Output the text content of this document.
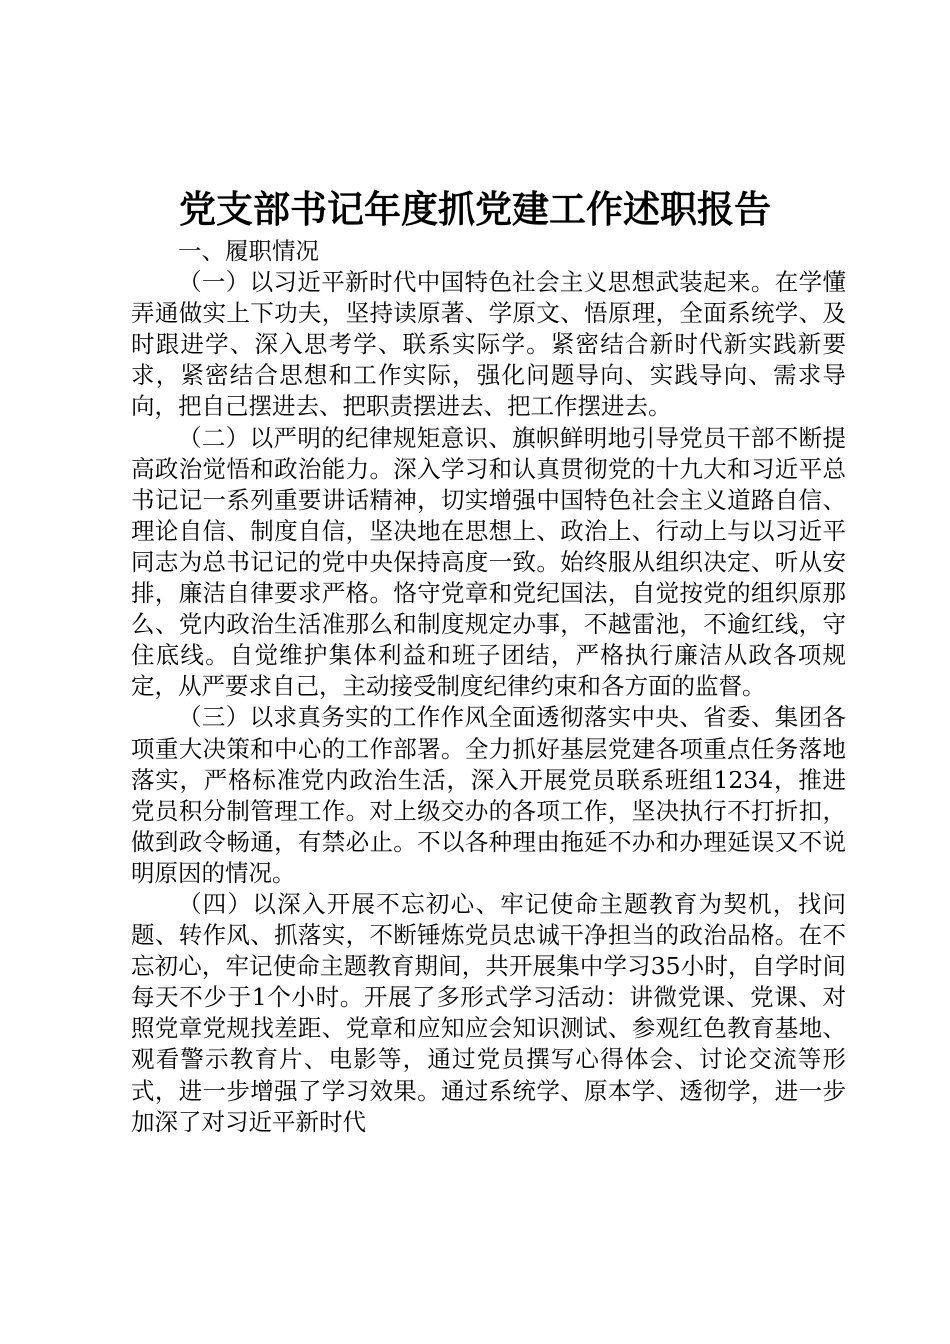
党支部书记年度抓党建工作述职报告

一、履职情况

（一）以习近平新时代中国特色社会主义思想武装起来。在学懂弄通做实上下功夫，坚持读原著、学原文、悟原理，全面系统学、及时跟进学、深入思考学、联系实际学。紧密结合新时代新实践新要求，紧密结合思想和工作实际，强化问题导向、实践导向、需求导向，把自己摆进去、把职责摆进去、把工作摆进去。

（二）以严明的纪律规矩意识、旗帜鲜明地引导党员干部不断提高政治觉悟和政治能力。深入学习和认真贯彻党的十九大和习近平总书记记一系列重要讲话精神，切实增强中国特色社会主义道路自信、理论自信、制度自信，坚决地在思想上、政治上、行动上与以习近平同志为总书记记的党中央保持高度一致。始终服从组织决定、听从安排，廉洁自律要求严格。恪守党章和党纪国法，自觉按党的组织原那么、党内政治生活准那么和制度规定办事，不越雷池，不逾红线，守住底线。自觉维护集体利益和班子团结，严格执行廉洁从政各项规定，从严要求自己，主动接受制度纪律约束和各方面的监督。

（三）以求真务实的工作作风全面透彻落实中央、省委、集团各项重大决策和中心的工作部署。全力抓好基层党建各项重点任务落地落实，严格标准党内政治生活，深入开展党员联系班组1234，推进党员积分制管理工作。对上级交办的各项工作，坚决执行不打折扣，做到政令畅通，有禁必止。不以各种理由拖延不办和办理延误又不说明原因的情况。

（四）以深入开展不忘初心、牢记使命主题教育为契机，找问题、转作风、抓落实，不断锤炼党员忠诚干净担当的政治品格。在不忘初心，牢记使命主题教育期间，共开展集中学习35小时，自学时间每天不少于1个小时。开展了多形式学习活动：讲微党课、党课、对照党章党规找差距、党章和应知应会知识测试、参观红色教育基地、观看警示教育片、电影等，通过党员撰写心得体会、讨论交流等形式，进一步增强了学习效果。通过系统学、原本学、透彻学，进一步加深了对习近平新时代
